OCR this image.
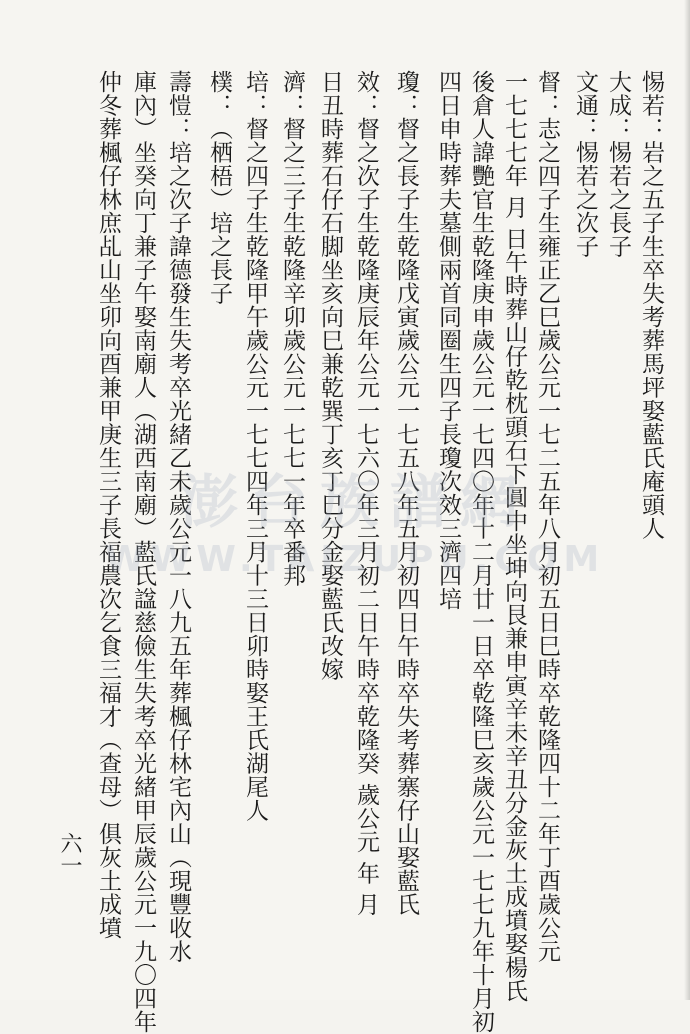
惕若：岩之五子生卒失考葬馬坪娶藍氏庵頭人
大成：惕若之長子
文通：惕若之次子
督：志之四子生雍正乙巳歲公元一七二五年八月初五日巳時卒乾隆四十二年丁酉歲公元
一七七七年 月 日午時葬山仔乾枕頭石下圓中坐坤向艮兼申寅辛未辛丑分金灰土成墳娶楊氏
後倉人諱艷官生乾隆庚申歲公元一七四〇年十二月廿一日卒乾隆巳亥歲公元一七七九年十月初
四日申時葬夫墓側兩首同圈生四子長瓊次效三濟四培
瓊：督之長子生乾隆戊寅歲公元一七五八年五月初四日午時卒失考葬寨仔山娶藍氏
效：督之次子生乾隆庚辰年公元一七六〇年三月初二日午時卒乾隆癸 歲公元 年 月
日丑時葬石仔石脚坐亥向巳兼乾巽丁亥丁巳分金娶藍氏改嫁
濟：督之三子生乾隆辛卯歲公元一七七一年卒番邦
培：督之四子生乾隆甲午歲公元一七七四年三月十三日卯時娶王氏湖尾人
樸：（栖梧）培之長子
壽愷：培之次子諱德發生失考卒光緒乙未歲公元一八九五年葬楓仔林宅內山（現豐收水
庫內）坐癸向丁兼子午娶南廟人（湖西南廟）藍氏諡慈儉生失考卒光緒甲辰歲公元一九〇四年
仲冬葬楓仔林庶乩山坐卯向酉兼甲庚生三子長福農次乞食三福才（查母）俱灰土成墳	澎台族譜網
WWW.TAIZUPU.COM
六一
